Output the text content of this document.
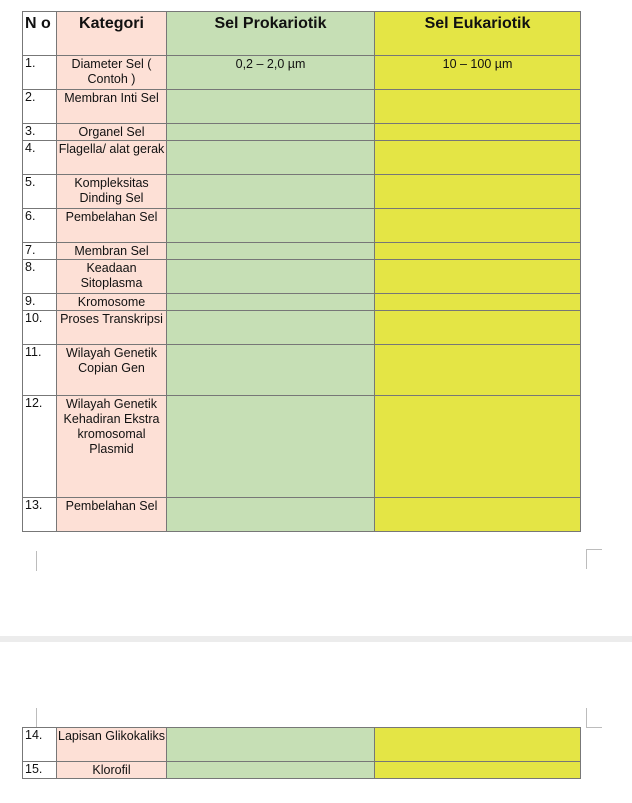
N o	Kategori	Sel Prokariotik	Sel Eukariotik
1.	Diameter Sel ( Contoh )	0,2 – 2,0 µm	10 – 100 µm
2.	Membran Inti Sel		
3.	Organel Sel		
4.	Flagella/ alat gerak		
5.	Kompleksitas Dinding Sel		
6.	Pembelahan Sel		
7.	Membran Sel		
8.	Keadaan Sitoplasma		
9.	Kromosome		
10.	Proses Transkripsi		
11.	Wilayah Genetik Copian Gen		
12.	Wilayah Genetik Kehadiran Ekstra kromosomal Plasmid		
13.	Pembelahan Sel		
14.	Lapisan Glikokaliks		
15.	Klorofil		
